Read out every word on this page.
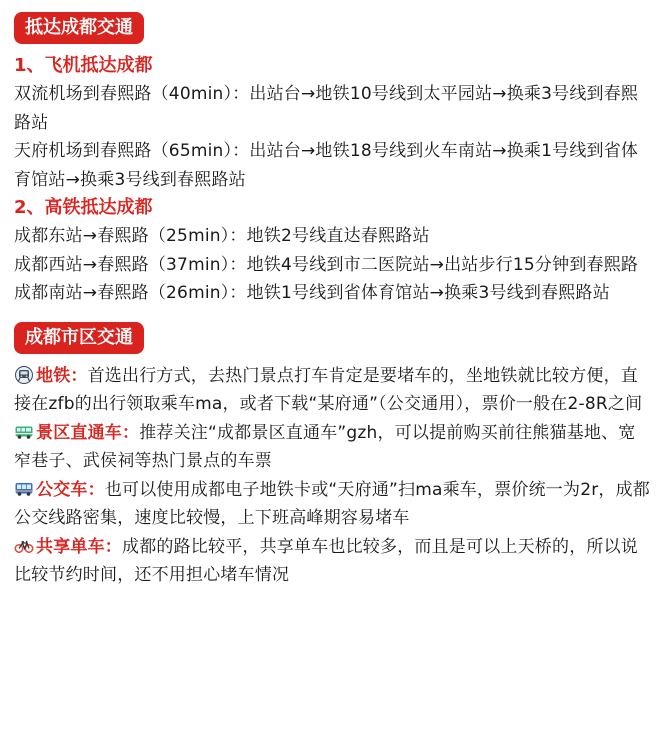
抵达成都交通

1、飞机抵达成都

双流机场到春熙路（40min）：出站台→地铁10号线到太平园站→换乘3号线到春熙路站

天府机场到春熙路（65min）：出站台→地铁18号线到火车南站→换乘1号线到省体育馆站→换乘3号线到春熙路站

2、高铁抵达成都

成都东站→春熙路（25min）：地铁2号线直达春熙路站

成都西站→春熙路（37min）：地铁4号线到市二医院站→出站步行15分钟到春熙路

成都南站→春熙路（26min）：地铁1号线到省体育馆站→换乘3号线到春熙路站

成都市区交通

地铁：首选出行方式，去热门景点打车肯定是要堵车的，坐地铁就比较方便，直接在zfb的出行领取乘车ma，或者下载“某府通”（公交通用），票价一般在2-8R之间

景区直通车：推荐关注“成都景区直通车”gzh，可以提前购买前往熊猫基地、宽窄巷子、武侯祠等热门景点的车票

公交车：也可以使用成都电子地铁卡或“天府通”扫ma乘车，票价统一为2r，成都公交线路密集，速度比较慢，上下班高峰期容易堵车

共享单车：成都的路比较平，共享单车也比较多，而且是可以上天桥的，所以说比较节约时间，还不用担心堵车情况
